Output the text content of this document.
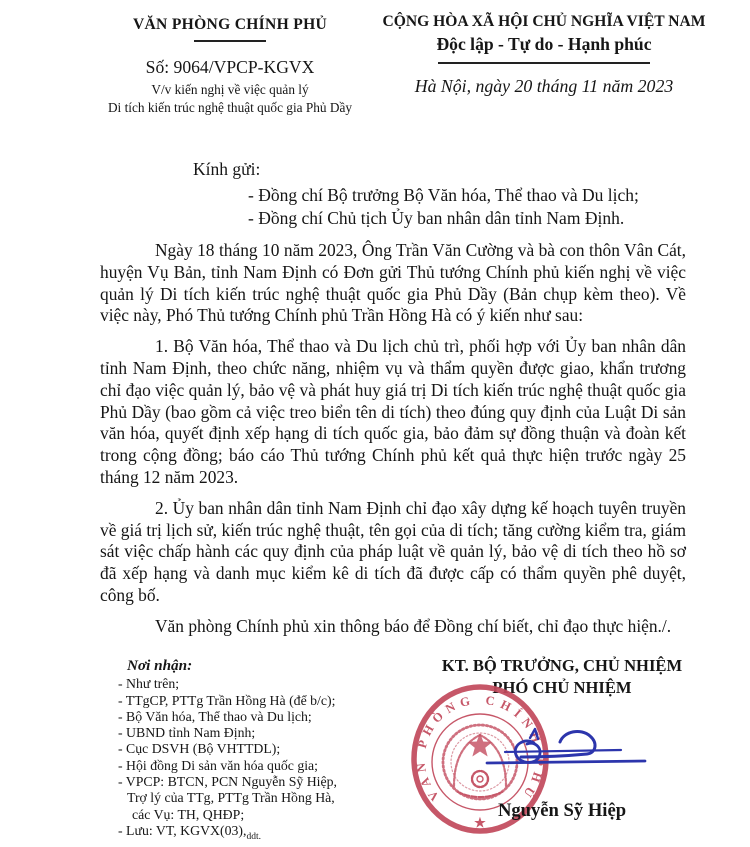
VĂN PHÒNG CHÍNH PHỦ
Số: 9064/VPCP-KGVX
V/v kiến nghị về việc quản lý
Di tích kiến trúc nghệ thuật quốc gia Phủ Dầy
CỘNG HÒA XÃ HỘI CHỦ NGHĨA VIỆT NAM
Độc lập - Tự do - Hạnh phúc
Hà Nội, ngày 20 tháng 11 năm 2023
Kính gửi:
- Đồng chí Bộ trưởng Bộ Văn hóa, Thể thao và Du lịch;
- Đồng chí Chủ tịch Ủy ban nhân dân tỉnh Nam Định.

Ngày 18 tháng 10 năm 2023, Ông Trần Văn Cường và bà con thôn Vân Cát, huyện Vụ Bản, tỉnh Nam Định có Đơn gửi Thủ tướng Chính phủ kiến nghị về việc quản lý Di tích kiến trúc nghệ thuật quốc gia Phủ Dầy (Bản chụp kèm theo). Về việc này, Phó Thủ tướng Chính phủ Trần Hồng Hà có ý kiến như sau:

1. Bộ Văn hóa, Thể thao và Du lịch chủ trì, phối hợp với Ủy ban nhân dân tỉnh Nam Định, theo chức năng, nhiệm vụ và thẩm quyền được giao, khẩn trương chỉ đạo việc quản lý, bảo vệ và phát huy giá trị Di tích kiến trúc nghệ thuật quốc gia Phủ Dầy (bao gồm cả việc treo biển tên di tích) theo đúng quy định của Luật Di sản văn hóa, quyết định xếp hạng di tích quốc gia, bảo đảm sự đồng thuận và đoàn kết trong cộng đồng; báo cáo Thủ tướng Chính phủ kết quả thực hiện trước ngày 25 tháng 12 năm 2023.

2. Ủy ban nhân dân tỉnh Nam Định chỉ đạo xây dựng kế hoạch tuyên truyền về giá trị lịch sử, kiến trúc nghệ thuật, tên gọi của di tích; tăng cường kiểm tra, giám sát việc chấp hành các quy định của pháp luật về quản lý, bảo vệ di tích theo hồ sơ đã xếp hạng và danh mục kiểm kê di tích đã được cấp có thẩm quyền phê duyệt, công bố.

Văn phòng Chính phủ xin thông báo để Đồng chí biết, chỉ đạo thực hiện./.

Nơi nhận:
- Như trên;
- TTgCP, PTTg Trần Hồng Hà (để b/c);
- Bộ Văn hóa, Thể thao và Du lịch;
- UBND tỉnh Nam Định;
- Cục DSVH (Bộ VHTTDL);
- Hội đồng Di sản văn hóa quốc gia;
- VPCP: BTCN, PCN Nguyễn Sỹ Hiệp,
Trợ lý của TTg, PTTg Trần Hồng Hà,
các Vụ: TH, QHĐP;
- Lưu: VT, $KGVX(03),_{ddt.}$
KT. BỘ TRƯỞNG, CHỦ NHIỆM
PHÓ CHỦ NHIỆM
VĂN PHÒNG CHÍNH PHỦ
★
Nguyễn Sỹ Hiệp
